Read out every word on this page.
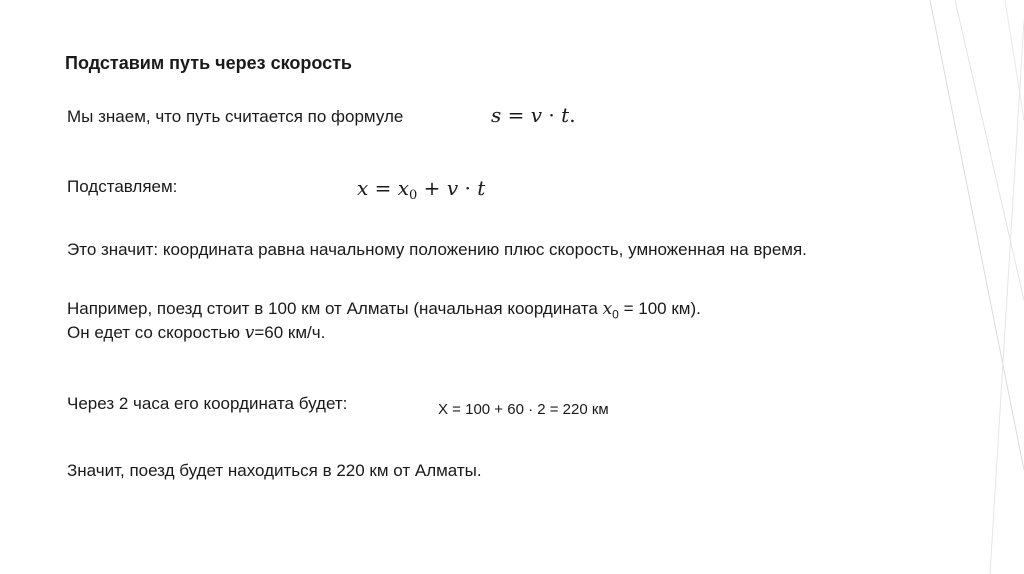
Подставим путь через скорость
Мы знаем, что путь считается по формуле	s = v · t.
Подставляем:	$x = x_0 + v \cdot t$
Это значит: координата равна начальному положению плюс скорость, умноженная на время.
Например, поезд стоит в 100 км от Алматы (начальная координата $x_0 = 100$ км).
Он едет со скоростью v=60 км/ч.
Через 2 часа его координата будет:	X = 100 + 60 · 2 = 220 км
Значит, поезд будет находиться в 220 км от Алматы.
